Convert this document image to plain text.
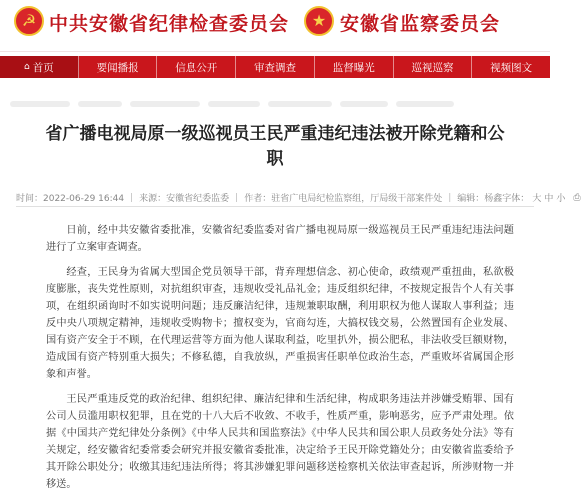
☭ 中共安徽省纪律检查委员会	★ 安徽省监察委员会
⌂ 首页	要闻播报	信息公开	审查调查	监督曝光	巡视巡察	视频图文
省广播电视局原一级巡视员王民严重违纪违法被开除党籍和公职
时间：2022-06-29 16:44 | 来源：安徽省纪委监委 | 作者：驻省广电局纪检监察组，厅局级干部案件处 | 编辑：杨鑫 字体： 大 中 小 ⎙

日前，经中共安徽省委批准，安徽省纪委监委对省广播电视局原一级巡视员王民严重违纪违法问题进行了立案审查调查。

经查，王民身为省属大型国企党员领导干部，背弃理想信念、初心使命，政绩观严重扭曲，私欲极度膨胀，丧失党性原则，对抗组织审查，违规收受礼品礼金；违反组织纪律，不按规定报告个人有关事项，在组织函询时不如实说明问题；违反廉洁纪律，违规兼职取酬，利用职权为他人谋取人事利益；违反中央八项规定精神，违规收受购物卡；擅权变为，官商勾连，大搞权钱交易，公然置国有企业发展、国有资产安全于不顾，在代理运营等方面为他人谋取利益，吃里扒外，损公肥私，非法收受巨额财物，造成国有资产特别重大损失；不修私德，自我放纵，严重损害任职单位政治生态，严重败坏省属国企形象和声誉。

王民严重违反党的政治纪律、组织纪律、廉洁纪律和生活纪律，构成职务违法并涉嫌受贿罪、国有公司人员滥用职权犯罪，且在党的十八大后不收敛、不收手，性质严重，影响恶劣，应予严肃处理。依据《中国共产党纪律处分条例》《中华人民共和国监察法》《中华人民共和国公职人员政务处分法》等有关规定，经安徽省纪委常委会研究并报安徽省委批准，决定给予王民开除党籍处分；由安徽省监委给予其开除公职处分；收缴其违纪违法所得；将其涉嫌犯罪问题移送检察机关依法审查起诉，所涉财物一并移送。
